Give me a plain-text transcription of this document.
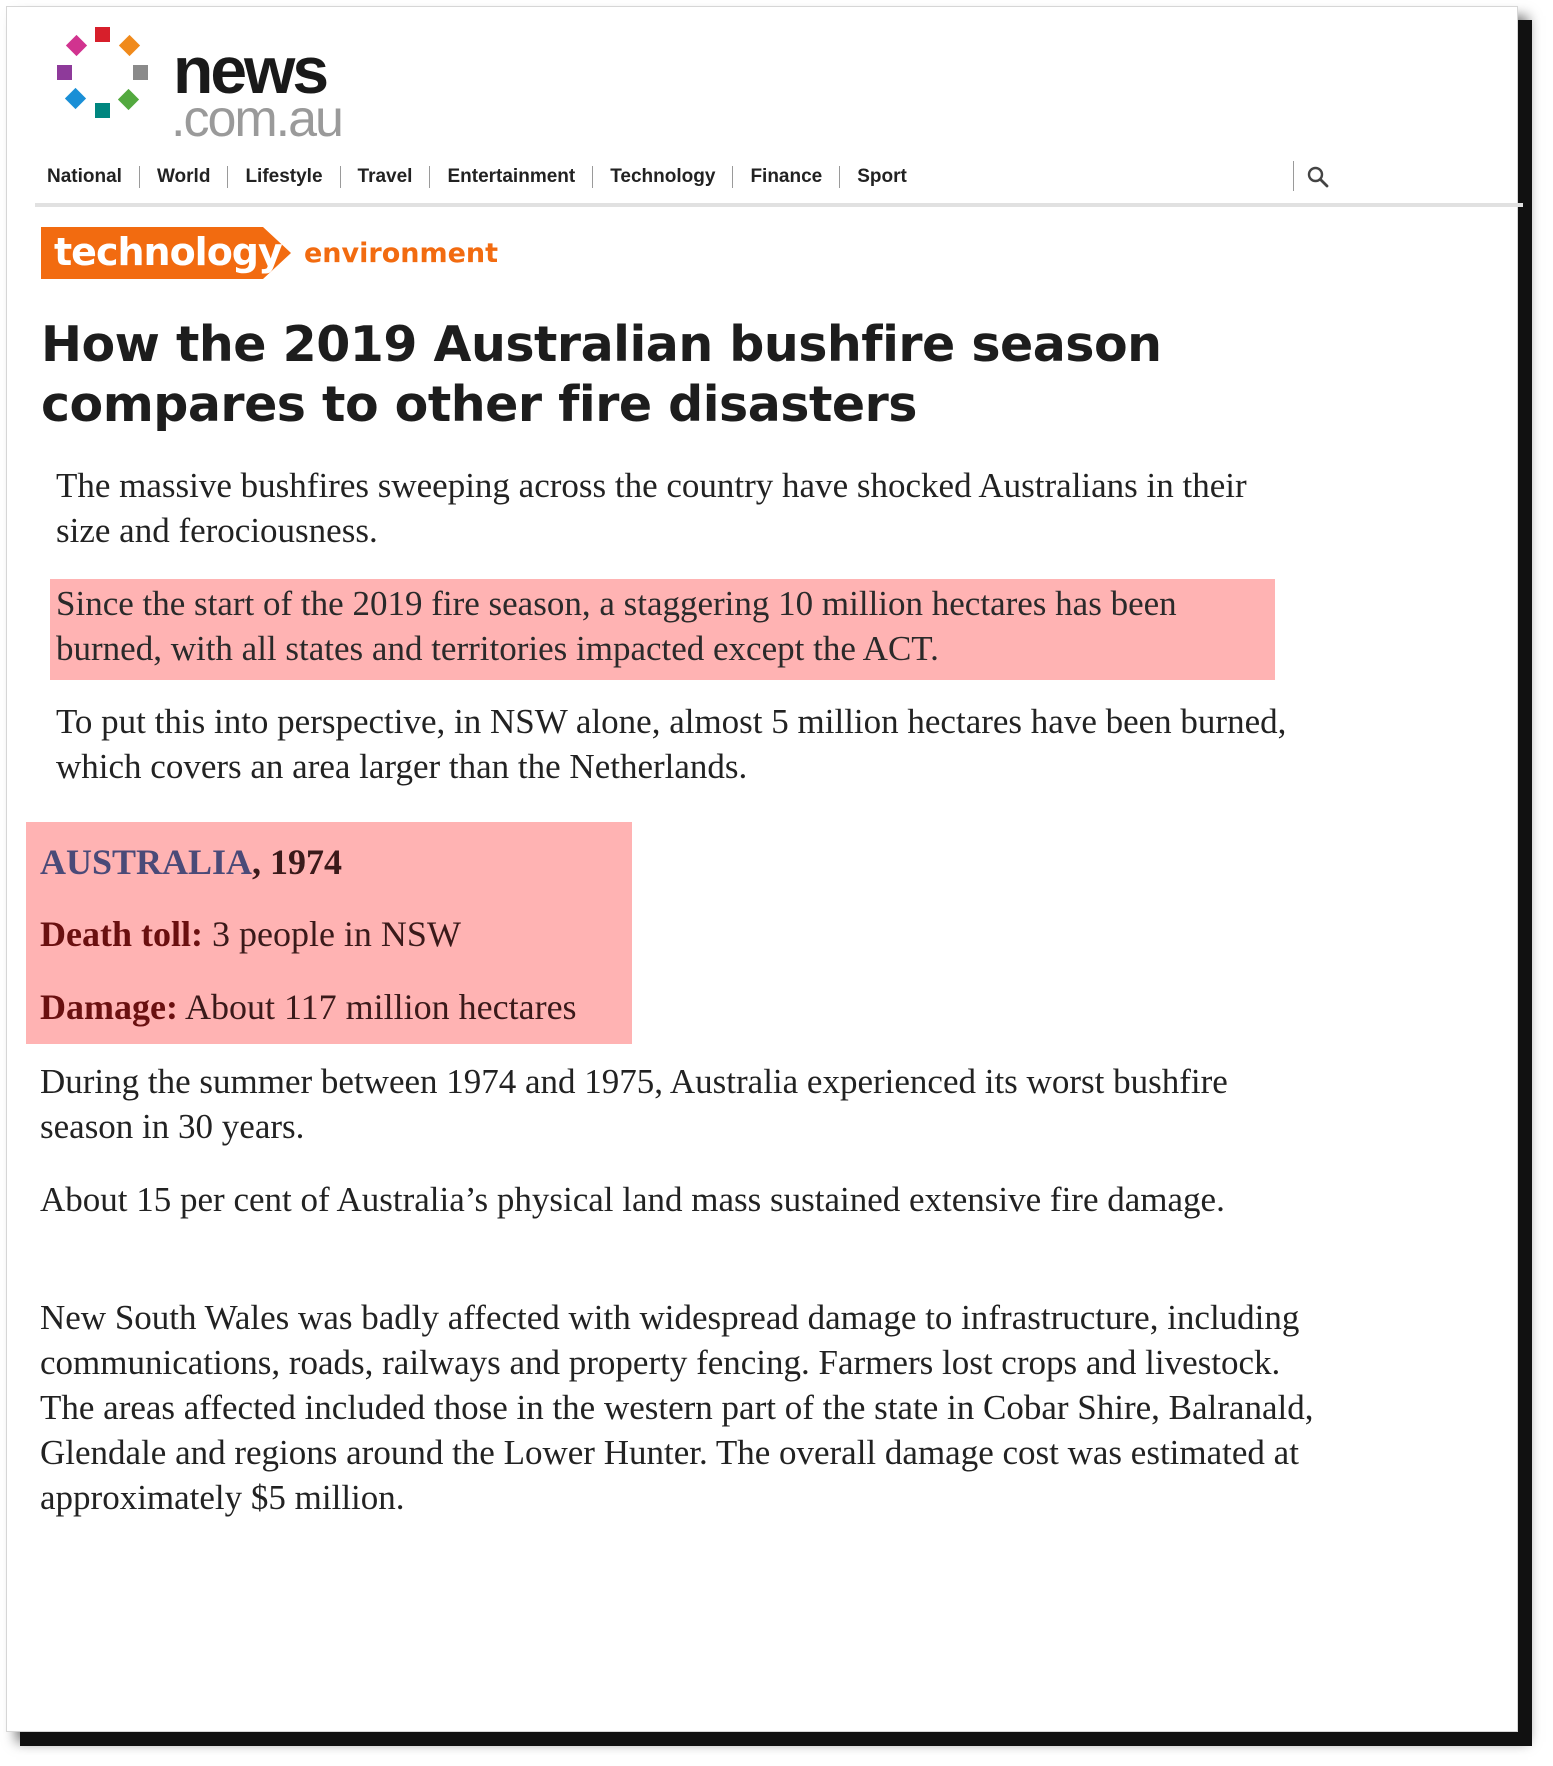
news
.com.au
National	World	Lifestyle	Travel	Entertainment	Technology	Finance	Sport
technology environment
How the 2019 Australian bushfire season compares to other fire disasters

The massive bushfires sweeping across the country have shocked Australians in their size and ferociousness.

Since the start of the 2019 fire season, a staggering 10 million hectares has been burned, with all states and territories impacted except the ACT.

To put this into perspective, in NSW alone, almost 5 million hectares have been burned, which covers an area larger than the Netherlands.

AUSTRALIA, 1974

Death toll: 3 people in NSW

Damage: About 117 million hectares

During the summer between 1974 and 1975, Australia experienced its worst bushfire season in 30 years.

About 15 per cent of Australia’s physical land mass sustained extensive fire damage.

New South Wales was badly affected with widespread damage to infrastructure, including communications, roads, railways and property fencing. Farmers lost crops and livestock. The areas affected included those in the western part of the state in Cobar Shire, Balranald, Glendale and regions around the Lower Hunter. The overall damage cost was estimated at approximately $5 million.
